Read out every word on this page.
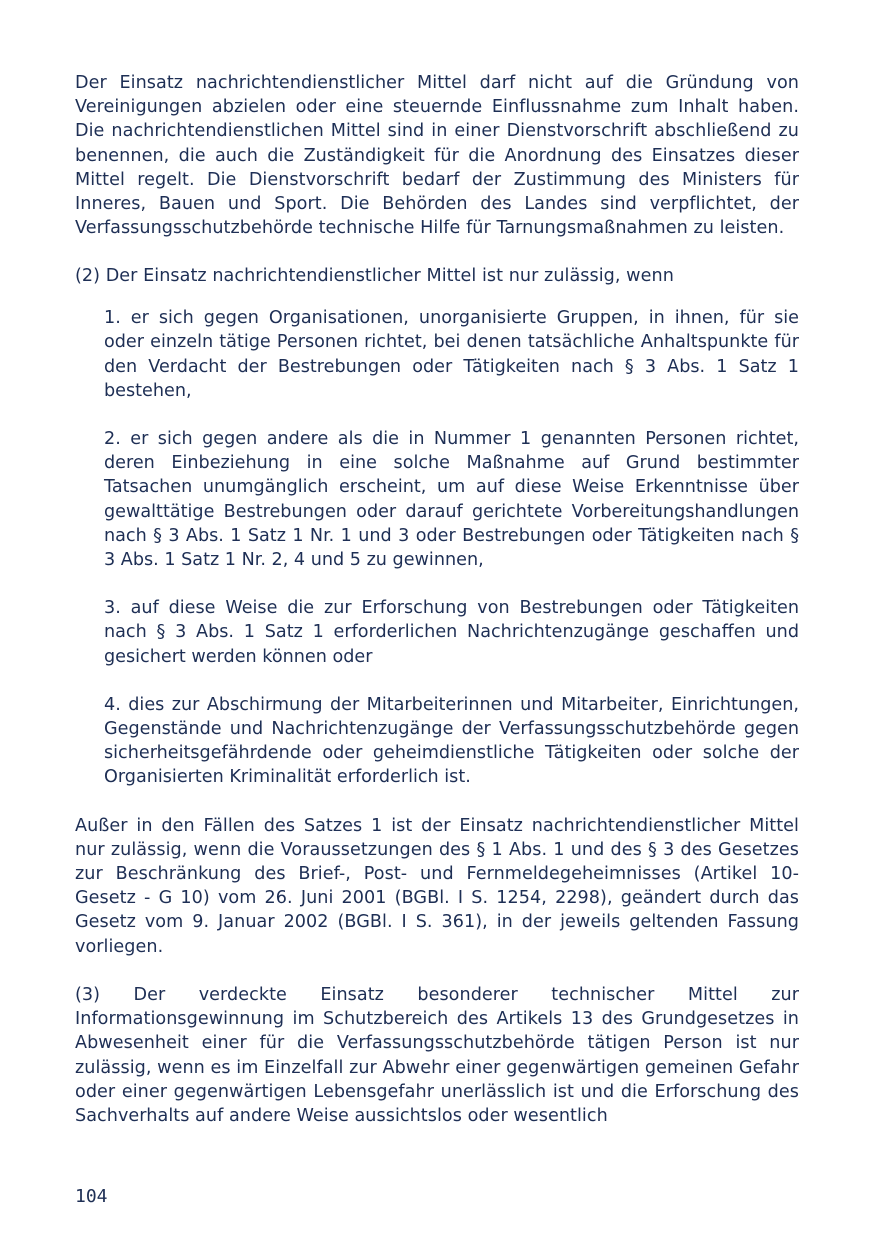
Der Einsatz nachrichtendienstlicher Mittel darf nicht auf die Gründung von Vereinigungen abzielen oder eine steuernde Einflussnahme zum Inhalt haben. Die nachrichtendienstlichen Mittel sind in einer Dienstvorschrift abschließend zu benennen, die auch die Zuständigkeit für die Anordnung des Einsatzes dieser Mittel regelt. Die Dienstvorschrift bedarf der Zustimmung des Ministers für Inneres, Bauen und Sport. Die Behörden des Landes sind verpflichtet, der Verfassungsschutzbehörde technische Hilfe für Tarnungsmaßnahmen zu leisten.

(2) Der Einsatz nachrichtendienstlicher Mittel ist nur zulässig, wenn

1. er sich gegen Organisationen, unorganisierte Gruppen, in ihnen, für sie oder einzeln tätige Personen richtet, bei denen tatsächliche Anhaltspunkte für den Verdacht der Bestrebungen oder Tätigkeiten nach § 3 Abs. 1 Satz 1 bestehen,

2. er sich gegen andere als die in Nummer 1 genannten Personen richtet, deren Einbeziehung in eine solche Maßnahme auf Grund bestimmter Tatsachen unumgänglich erscheint, um auf diese Weise Erkenntnisse über gewalttätige Bestrebungen oder darauf gerichtete Vorbereitungshandlungen nach § 3 Abs. 1 Satz 1 Nr. 1 und 3 oder Bestrebungen oder Tätigkeiten nach § 3 Abs. 1 Satz 1 Nr. 2, 4 und 5 zu gewinnen,

3. auf diese Weise die zur Erforschung von Bestrebungen oder Tätigkeiten nach § 3 Abs. 1 Satz 1 erforderlichen Nachrichtenzugänge geschaffen und gesichert werden können oder

4. dies zur Abschirmung der Mitarbeiterinnen und Mitarbeiter, Einrichtungen, Gegenstände und Nachrichtenzugänge der Verfassungsschutzbehörde gegen sicherheitsgefährdende oder geheimdienstliche Tätigkeiten oder solche der Organisierten Kriminalität erforderlich ist.

Außer in den Fällen des Satzes 1 ist der Einsatz nachrichtendienstlicher Mittel nur zulässig, wenn die Voraussetzungen des § 1 Abs. 1 und des § 3 des Gesetzes zur Beschränkung des Brief-, Post- und Fernmeldegeheimnisses (Artikel 10-Gesetz - G 10) vom 26. Juni 2001 (BGBl. I S. 1254, 2298), geändert durch das Gesetz vom 9. Januar 2002 (BGBl. I S. 361), in der jeweils geltenden Fassung vorliegen.

(3) Der verdeckte Einsatz besonderer technischer Mittel zur Informationsgewinnung im Schutzbereich des Artikels 13 des Grundgesetzes in Abwesenheit einer für die Verfassungsschutzbehörde tätigen Person ist nur zulässig, wenn es im Einzelfall zur Abwehr einer gegenwärtigen gemeinen Gefahr oder einer gegenwärtigen Lebensgefahr unerlässlich ist und die Erforschung des Sachverhalts auf andere Weise aussichtslos oder wesentlich

104
